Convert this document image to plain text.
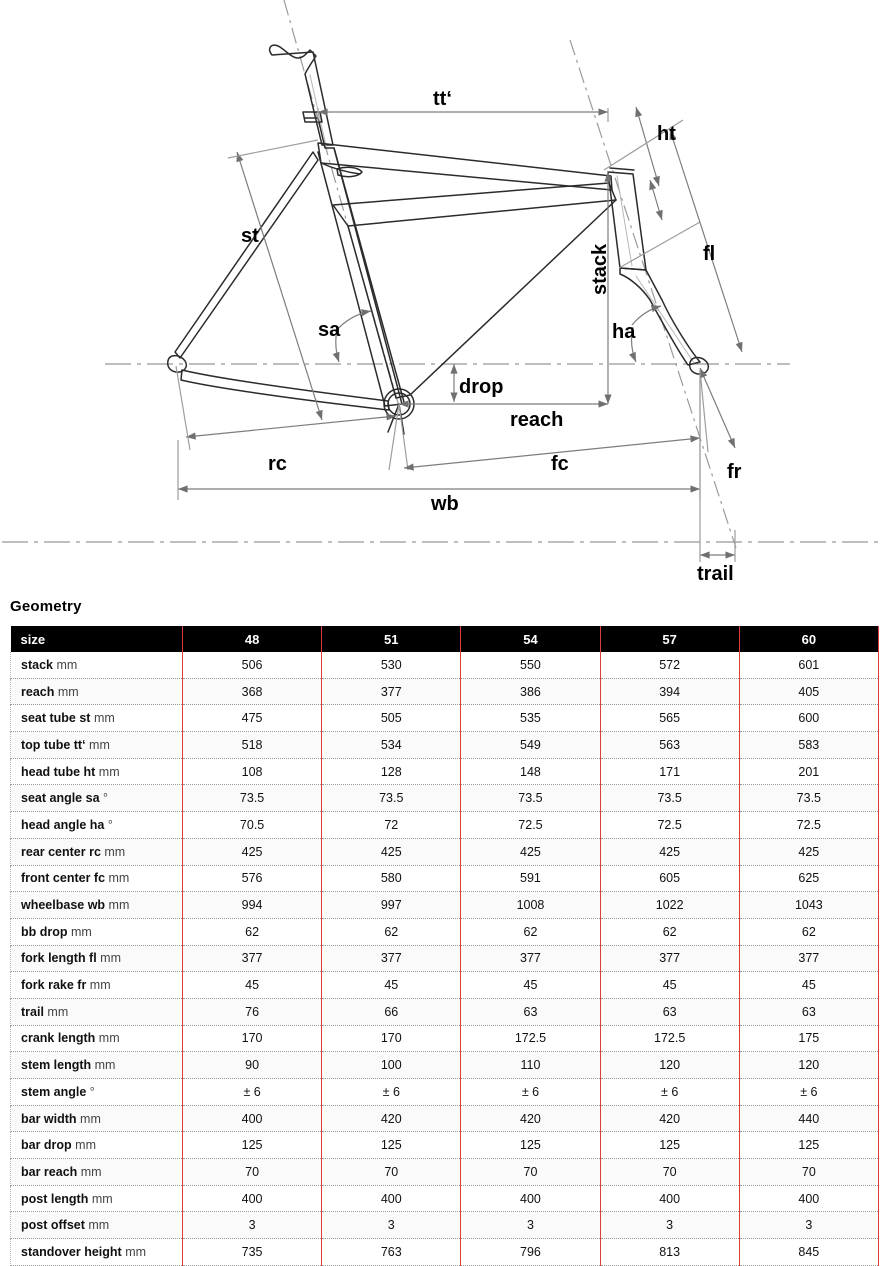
tt‘
ht
st
stack	fl
sa	ha
drop
reach
rc	fc	fr
wb
trail
Geometry
size	48	51	54	57	60
stack mm	506	530	550	572	601
reach mm	368	377	386	394	405
seat tube st mm	475	505	535	565	600
top tube tt‘ mm	518	534	549	563	583
head tube ht mm	108	128	148	171	201
seat angle sa °	73.5	73.5	73.5	73.5	73.5
head angle ha °	70.5	72	72.5	72.5	72.5
rear center rc mm	425	425	425	425	425
front center fc mm	576	580	591	605	625
wheelbase wb mm	994	997	1008	1022	1043
bb drop mm	62	62	62	62	62
fork length fl mm	377	377	377	377	377
fork rake fr mm	45	45	45	45	45
trail mm	76	66	63	63	63
crank length mm	170	170	172.5	172.5	175
stem length mm	90	100	110	120	120
stem angle °	± 6	± 6	± 6	± 6	± 6
bar width mm	400	420	420	420	440
bar drop mm	125	125	125	125	125
bar reach mm	70	70	70	70	70
post length mm	400	400	400	400	400
post offset mm	3	3	3	3	3
standover height mm	735	763	796	813	845
